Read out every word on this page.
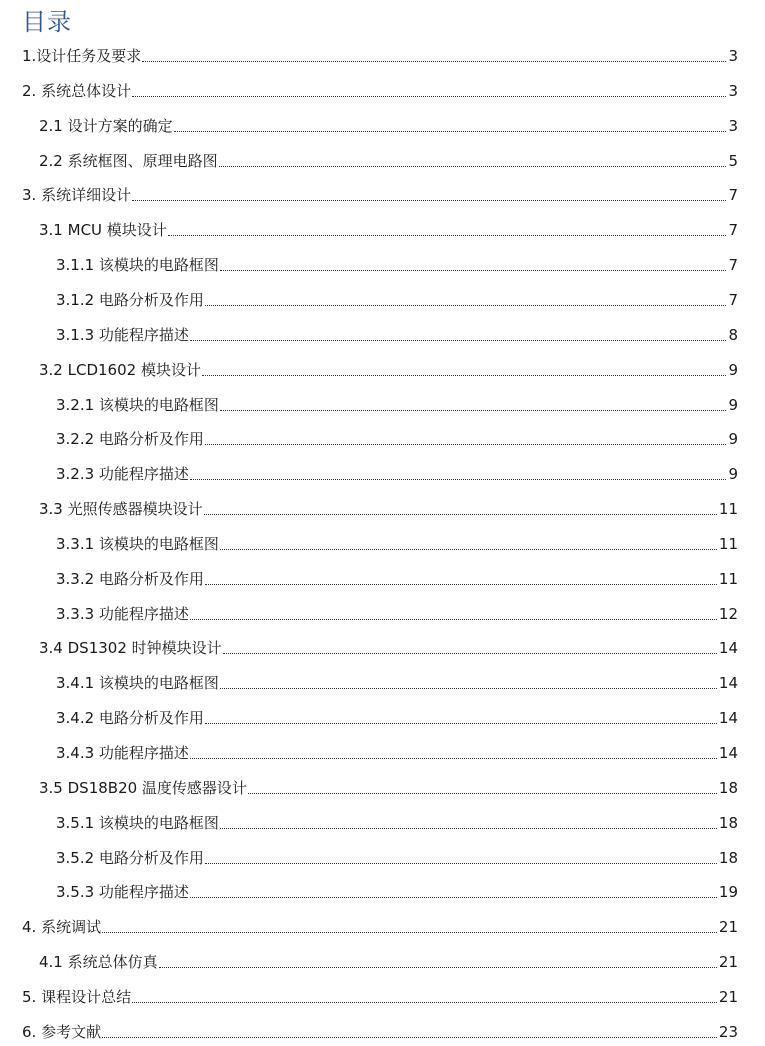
目录
1.设计任务及要求	3
2. 系统总体设计	3
2.1 设计方案的确定	3
2.2 系统框图、原理电路图	5
3. 系统详细设计	7
3.1 MCU 模块设计	7
3.1.1 该模块的电路框图	7
3.1.2 电路分析及作用	7
3.1.3 功能程序描述	8
3.2 LCD1602 模块设计	9
3.2.1 该模块的电路框图	9
3.2.2 电路分析及作用	9
3.2.3 功能程序描述	9
3.3 光照传感器模块设计	11
3.3.1 该模块的电路框图	11
3.3.2 电路分析及作用	11
3.3.3 功能程序描述	12
3.4 DS1302 时钟模块设计	14
3.4.1 该模块的电路框图	14
3.4.2 电路分析及作用	14
3.4.3 功能程序描述	14
3.5 DS18B20 温度传感器设计	18
3.5.1 该模块的电路框图	18
3.5.2 电路分析及作用	18
3.5.3 功能程序描述	19
4. 系统调试	21
4.1 系统总体仿真	21
5. 课程设计总结	21
6. 参考文献	23
